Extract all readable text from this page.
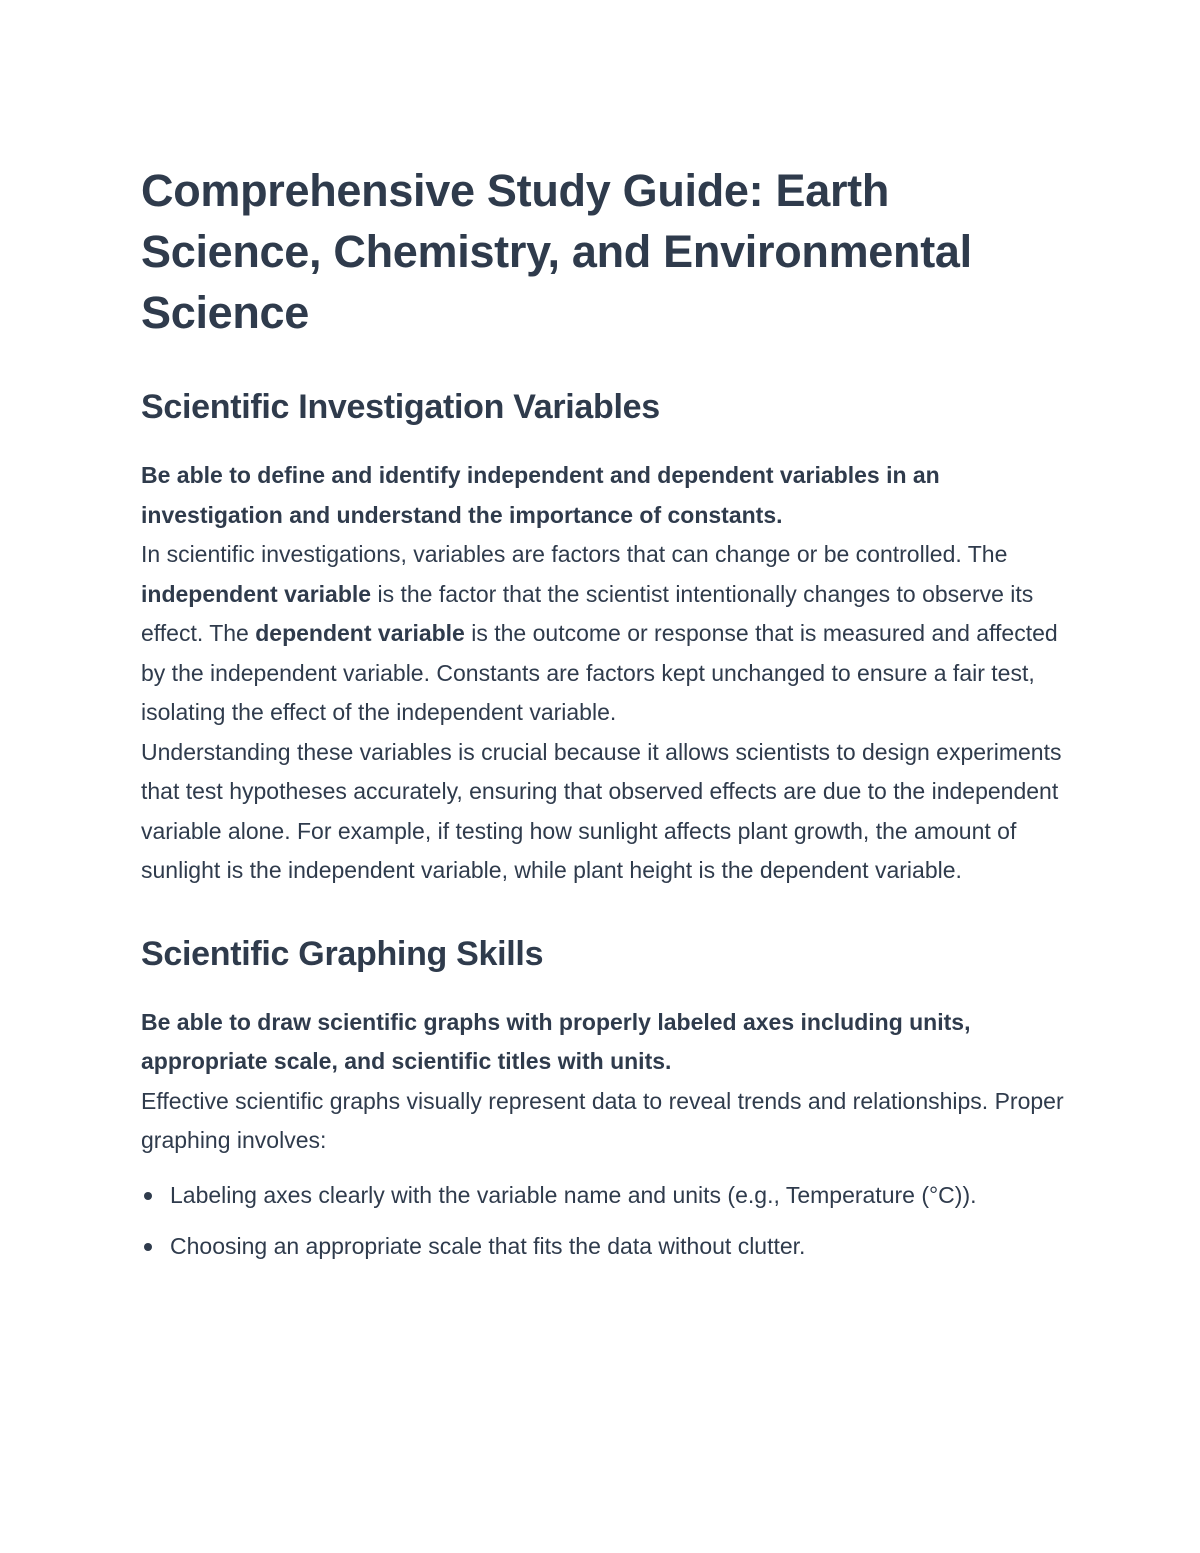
Comprehensive Study Guide: Earth Science, Chemistry, and Environmental Science
Scientific Investigation Variables

Be able to define and identify independent and dependent variables in an investigation and understand the importance of constants.

In scientific investigations, variables are factors that can change or be controlled. The independent variable is the factor that the scientist intentionally changes to observe its effect. The dependent variable is the outcome or response that is measured and affected by the independent variable. Constants are factors kept unchanged to ensure a fair test, isolating the effect of the independent variable.

Understanding these variables is crucial because it allows scientists to design experiments that test hypotheses accurately, ensuring that observed effects are due to the independent variable alone. For example, if testing how sunlight affects plant growth, the amount of sunlight is the independent variable, while plant height is the dependent variable.

Scientific Graphing Skills

Be able to draw scientific graphs with properly labeled axes including units, appropriate scale, and scientific titles with units.

Effective scientific graphs visually represent data to reveal trends and relationships. Proper graphing involves:

Labeling axes clearly with the variable name and units (e.g., Temperature (°C)).
Choosing an appropriate scale that fits the data without clutter.
